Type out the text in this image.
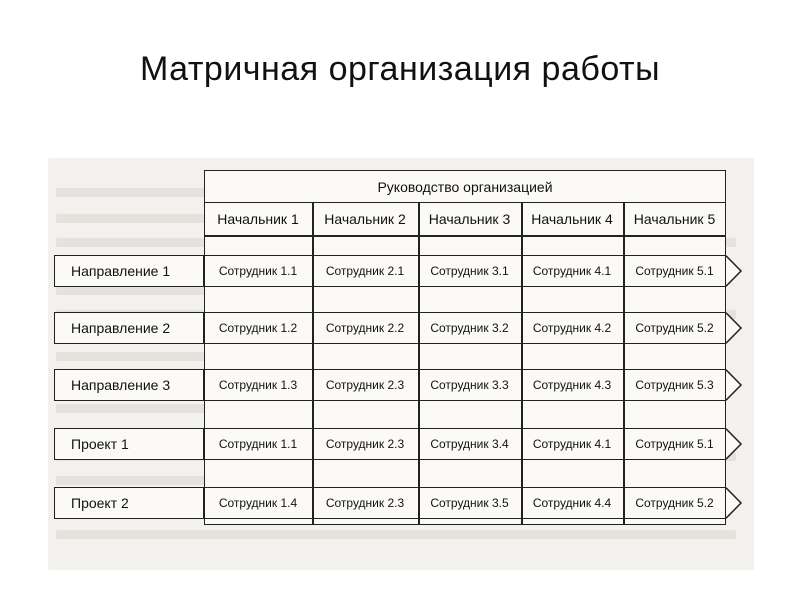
Матричная организация работы
Руководство организацией
Начальник 1	Начальник 2	Начальник 3	Начальник 4	Начальник 5
Направление 1	Сотрудник 1.1	Сотрудник 2.1	Сотрудник 3.1	Сотрудник 4.1	Сотрудник 5.1
Направление 2	Сотрудник 1.2	Сотрудник 2.2	Сотрудник 3.2	Сотрудник 4.2	Сотрудник 5.2
Направление 3	Сотрудник 1.3	Сотрудник 2.3	Сотрудник 3.3	Сотрудник 4.3	Сотрудник 5.3
Проект 1	Сотрудник 1.1	Сотрудник 2.3	Сотрудник 3.4	Сотрудник 4.1	Сотрудник 5.1
Проект 2	Сотрудник 1.4	Сотрудник 2.3	Сотрудник 3.5	Сотрудник 4.4	Сотрудник 5.2
